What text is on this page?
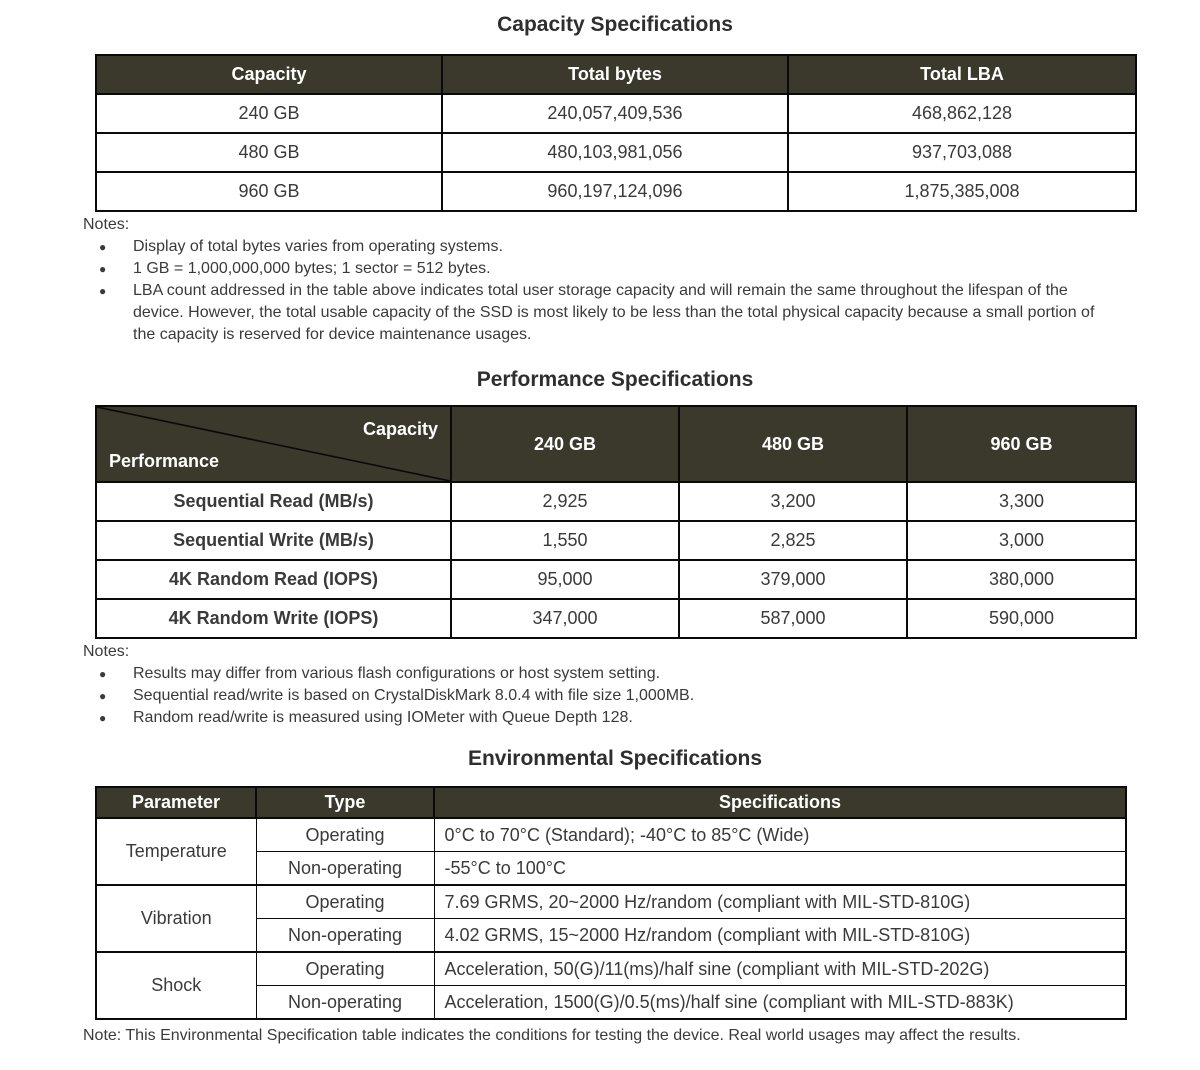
Capacity Specifications
Capacity	Total bytes	Total LBA
240 GB	240,057,409,536	468,862,128
480 GB	480,103,981,056	937,703,088
960 GB	960,197,124,096	1,875,385,008
Notes:
●	Display of total bytes varies from operating systems.
●	1 GB = 1,000,000,000 bytes; 1 sector = 512 bytes.
●	LBA count addressed in the table above indicates total user storage capacity and will remain the same throughout the lifespan of the device. However, the total usable capacity of the SSD is most likely to be less than the total physical capacity because a small portion of the capacity is reserved for device maintenance usages.
Performance Specifications
Capacity
Performance	240 GB	480 GB	960 GB
Sequential Read (MB/s)	2,925	3,200	3,300
Sequential Write (MB/s)	1,550	2,825	3,000
4K Random Read (IOPS)	95,000	379,000	380,000
4K Random Write (IOPS)	347,000	587,000	590,000
Notes:
●	Results may differ from various flash configurations or host system setting.
●	Sequential read/write is based on CrystalDiskMark 8.0.4 with file size 1,000MB.
●	Random read/write is measured using IOMeter with Queue Depth 128.
Environmental Specifications
Parameter	Type	Specifications
Temperature	Operating	0°C to 70°C (Standard); -40°C to 85°C (Wide)
	Non-operating	-55°C to 100°C
Vibration	Operating	7.69 GRMS, 20~2000 Hz/random (compliant with MIL-STD-810G)
	Non-operating	4.02 GRMS, 15~2000 Hz/random (compliant with MIL-STD-810G)
Shock	Operating	Acceleration, 50(G)/11(ms)/half sine (compliant with MIL-STD-202G)
	Non-operating	Acceleration, 1500(G)/0.5(ms)/half sine (compliant with MIL-STD-883K)
Note: This Environmental Specification table indicates the conditions for testing the device. Real world usages may affect the results.
